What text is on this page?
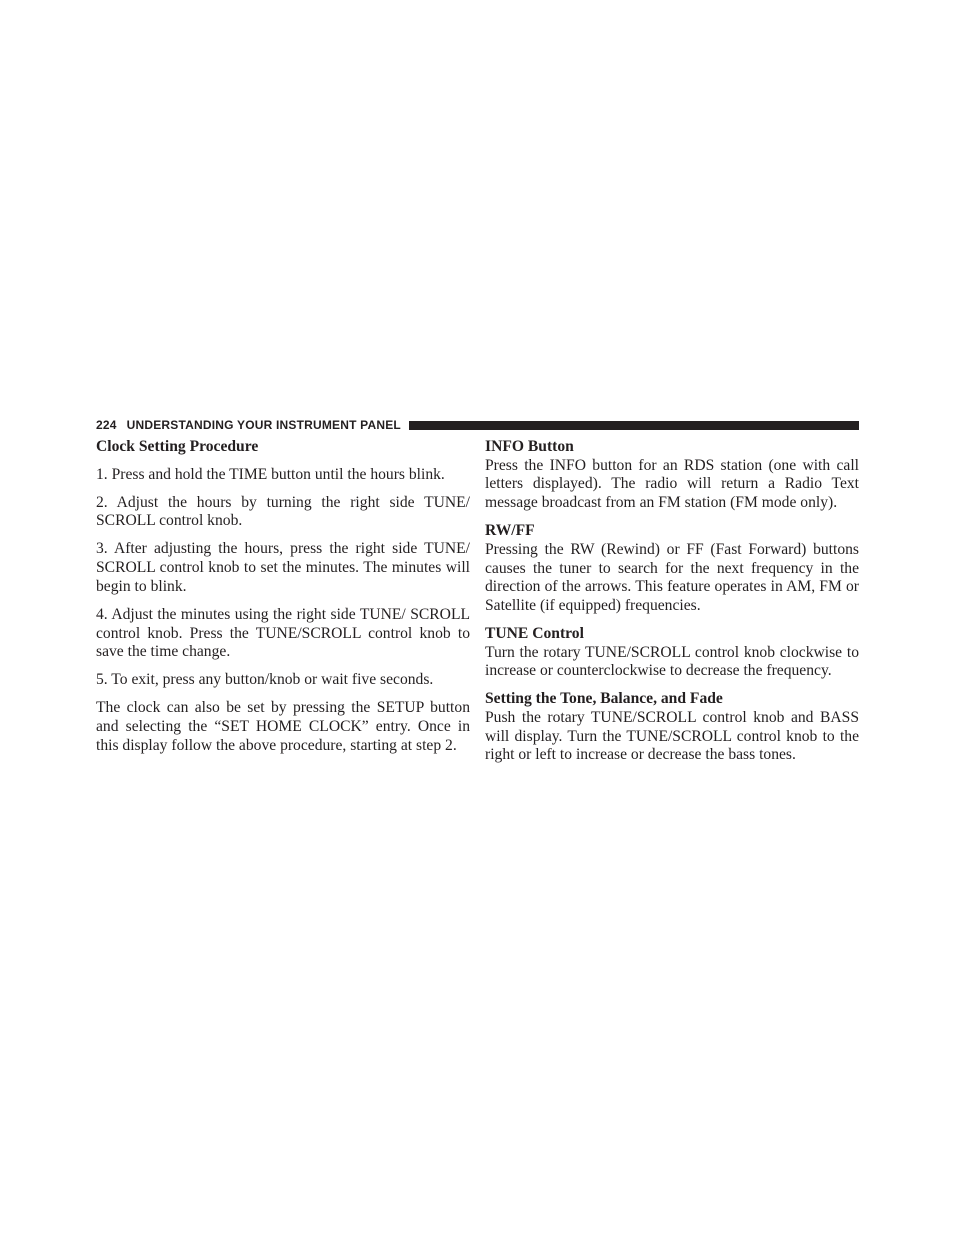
224 UNDERSTANDING YOUR INSTRUMENT PANEL
Clock Setting Procedure

1. Press and hold the TIME button until the hours blink.

2. Adjust the hours by turning the right side TUNE/ SCROLL control knob.

3. After adjusting the hours, press the right side TUNE/ SCROLL control knob to set the minutes. The minutes will begin to blink.

4. Adjust the minutes using the right side TUNE/ SCROLL control knob. Press the TUNE/SCROLL control knob to save the time change.

5. To exit, press any button/knob or wait five seconds.

The clock can also be set by pressing the SETUP button and selecting the “SET HOME CLOCK” entry. Once in this display follow the above procedure, starting at step 2.

INFO Button

Press the INFO button for an RDS station (one with call letters displayed). The radio will return a Radio Text message broadcast from an FM station (FM mode only).

RW/FF

Pressing the RW (Rewind) or FF (Fast Forward) buttons causes the tuner to search for the next frequency in the direction of the arrows. This feature operates in AM, FM or Satellite (if equipped) frequencies.

TUNE Control

Turn the rotary TUNE/SCROLL control knob clockwise to increase or counterclockwise to decrease the frequency.

Setting the Tone, Balance, and Fade

Push the rotary TUNE/SCROLL control knob and BASS will display. Turn the TUNE/SCROLL control knob to the right or left to increase or decrease the bass tones.
